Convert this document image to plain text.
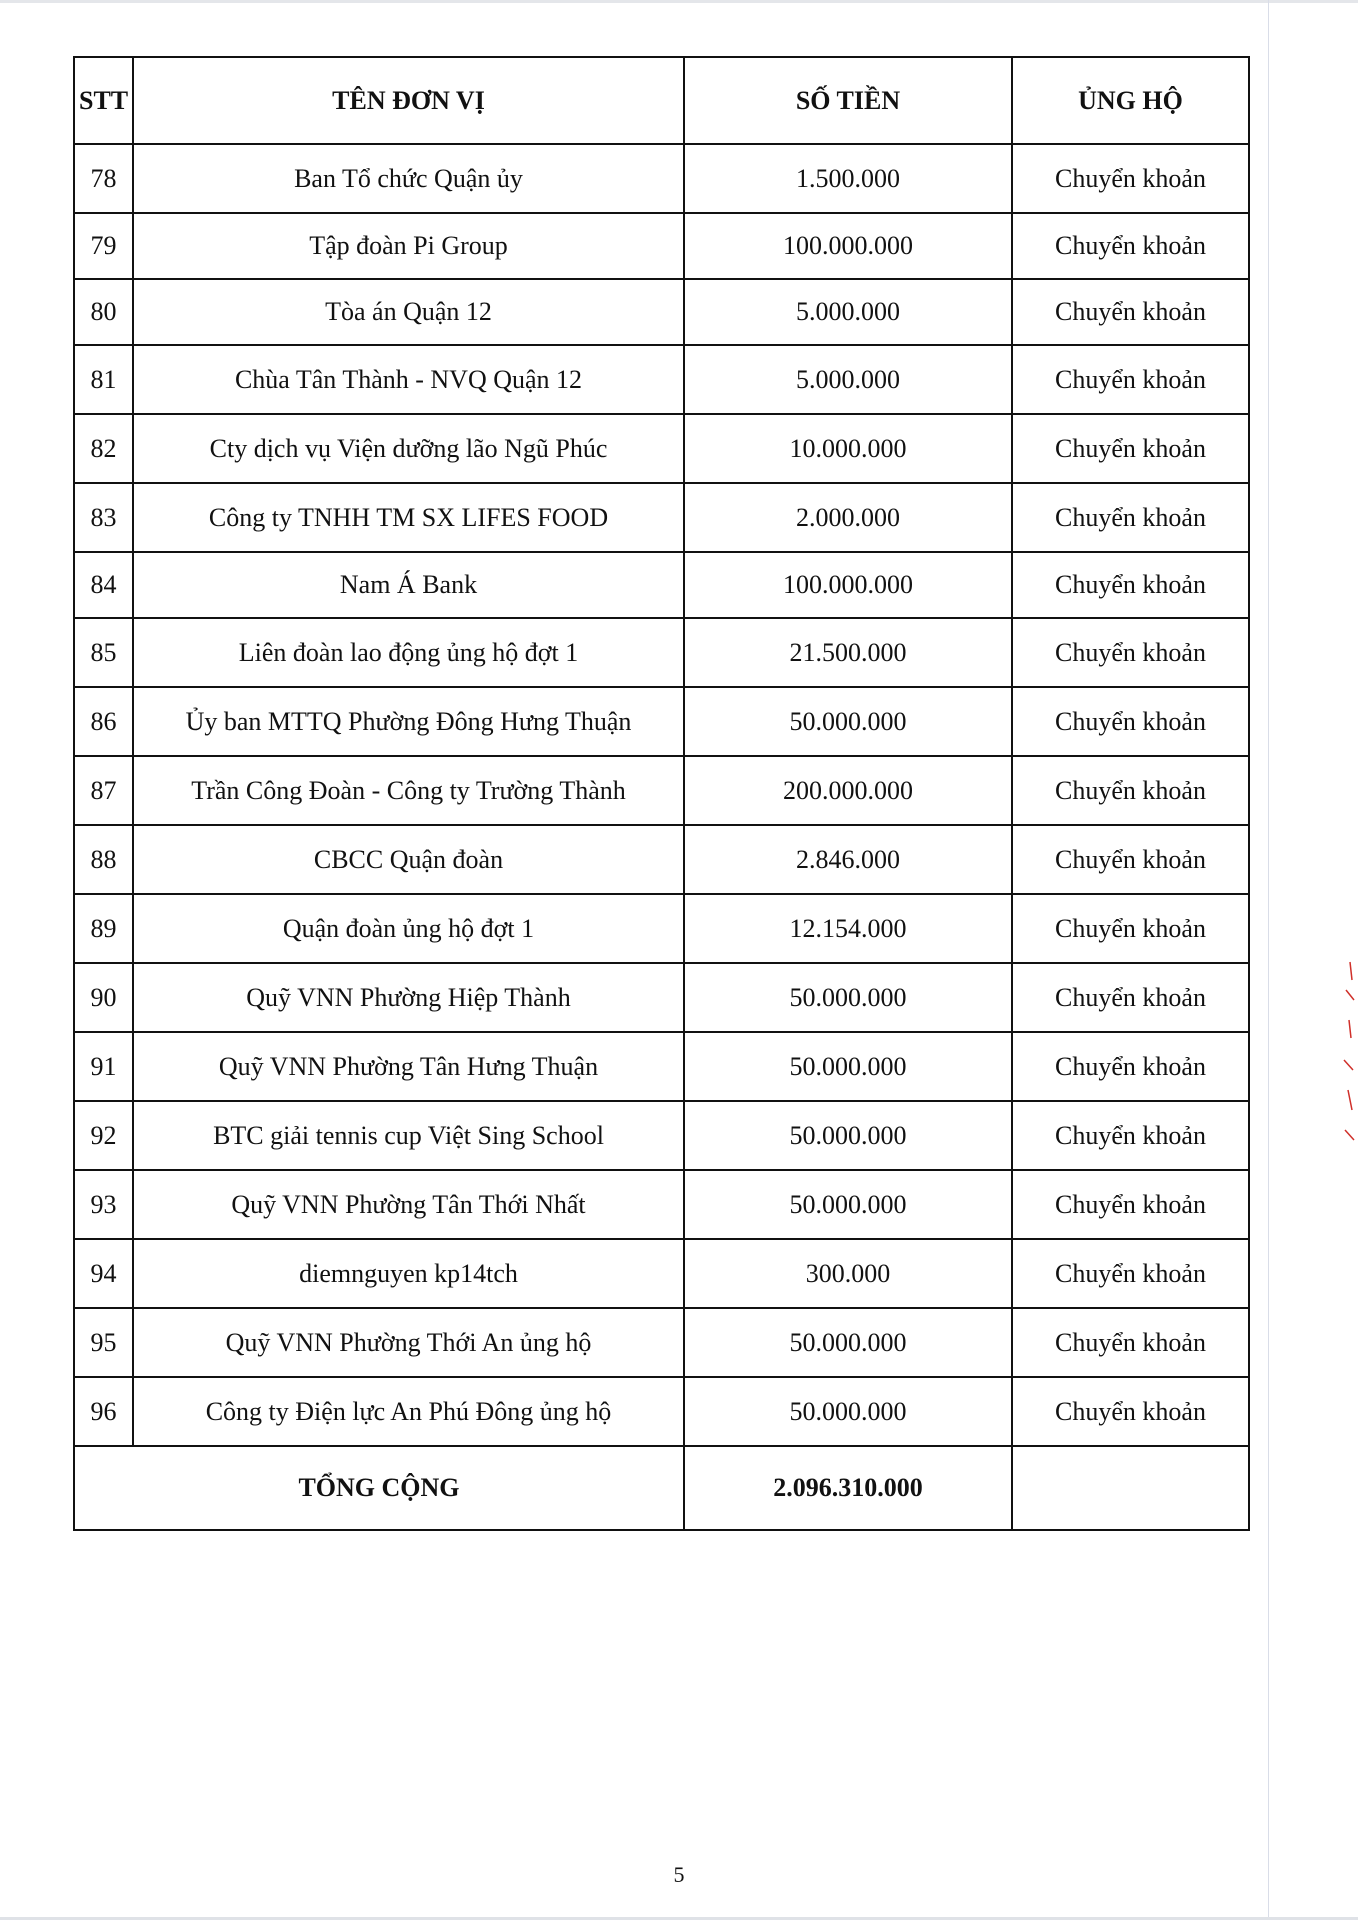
STT	TÊN ĐƠN VỊ	SỐ TIỀN	ỦNG HỘ
78	Ban Tổ chức Quận ủy	1.500.000	Chuyển khoản
79	Tập đoàn Pi Group	100.000.000	Chuyển khoản
80	Tòa án Quận 12	5.000.000	Chuyển khoản
81	Chùa Tân Thành - NVQ Quận 12	5.000.000	Chuyển khoản
82	Cty dịch vụ Viện dưỡng lão Ngũ Phúc	10.000.000	Chuyển khoản
83	Công ty TNHH TM SX LIFES FOOD	2.000.000	Chuyển khoản
84	Nam Á Bank	100.000.000	Chuyển khoản
85	Liên đoàn lao động ủng hộ đợt 1	21.500.000	Chuyển khoản
86	Ủy ban MTTQ Phường Đông Hưng Thuận	50.000.000	Chuyển khoản
87	Trần Công Đoàn - Công ty Trường Thành	200.000.000	Chuyển khoản
88	CBCC Quận đoàn	2.846.000	Chuyển khoản
89	Quận đoàn ủng hộ đợt 1	12.154.000	Chuyển khoản
90	Quỹ VNN Phường Hiệp Thành	50.000.000	Chuyển khoản
91	Quỹ VNN Phường Tân Hưng Thuận	50.000.000	Chuyển khoản
92	BTC giải tennis cup Việt Sing School	50.000.000	Chuyển khoản
93	Quỹ VNN Phường Tân Thới Nhất	50.000.000	Chuyển khoản
94	diemnguyen kp14tch	300.000	Chuyển khoản
95	Quỹ VNN Phường Thới An ủng hộ	50.000.000	Chuyển khoản
96	Công ty Điện lực An Phú Đông ủng hộ	50.000.000	Chuyển khoản
TỔNG CỘNG		2.096.310.000	
5
